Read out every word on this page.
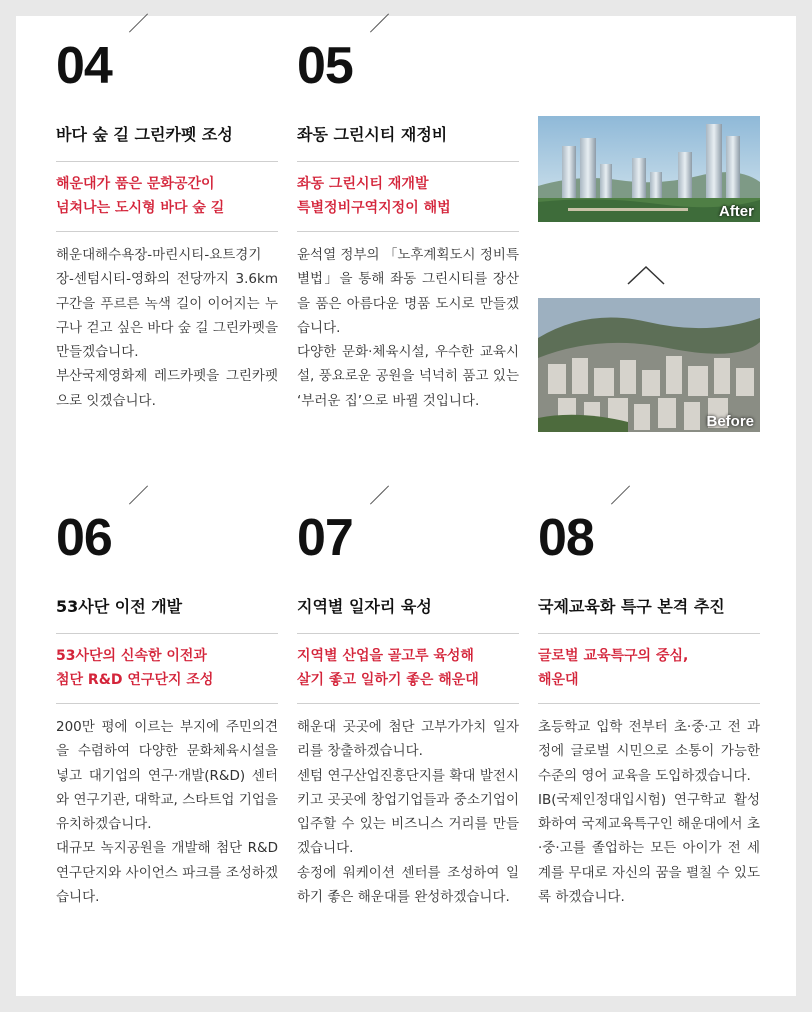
04
바다 숲 길 그린카펫 조성
해운대가 품은 문화공간이
넘쳐나는 도시형 바다 숲 길
해운대해수욕장-마린시티-요트경기장-센텀시티-영화의 전당까지 3.6km구간을 푸르른 녹색 길이 이어지는 누구나 걷고 싶은 바다 숲 길 그린카펫을 만들겠습니다.
부산국제영화제 레드카펫을 그린카펫으로 잇겠습니다.
05
좌동 그린시티 재정비
좌동 그린시티 재개발
특별정비구역지정이 해법
윤석열 정부의 「노후계획도시 정비특별법」을 통해 좌동 그린시티를 장산을 품은 아름다운 명품 도시로 만들겠습니다.
다양한 문화·체육시설, 우수한 교육시설, 풍요로운 공원을 넉넉히 품고 있는 ‘부러운 집’으로 바뀔 것입니다.
After
Before
06
53사단 이전 개발
53사단의 신속한 이전과
첨단 R&D 연구단지 조성
200만 평에 이르는 부지에 주민의견을 수렴하여 다양한 문화체육시설을 넣고 대기업의 연구·개발(R&D) 센터와 연구기관, 대학교, 스타트업 기업을 유치하겠습니다.
대규모 녹지공원을 개발해 첨단 R&D 연구단지와 사이언스 파크를 조성하겠습니다.
07
지역별 일자리 육성
지역별 산업을 골고루 육성해
살기 좋고 일하기 좋은 해운대
해운대 곳곳에 첨단 고부가가치 일자리를 창출하겠습니다.
센텀 연구산업진흥단지를 확대 발전시키고 곳곳에 창업기업들과 중소기업이 입주할 수 있는 비즈니스 거리를 만들겠습니다.
송정에 워케이션 센터를 조성하여 일하기 좋은 해운대를 완성하겠습니다.
08
국제교육화 특구 본격 추진
글로벌 교육특구의 중심,
해운대
초등학교 입학 전부터 초·중·고 전 과정에 글로벌 시민으로 소통이 가능한 수준의 영어 교육을 도입하겠습니다.
IB(국제인정대입시험) 연구학교 활성화하여 국제교육특구인 해운대에서 초·중·고를 졸업하는 모든 아이가 전 세계를 무대로 자신의 꿈을 펼칠 수 있도록 하겠습니다.
